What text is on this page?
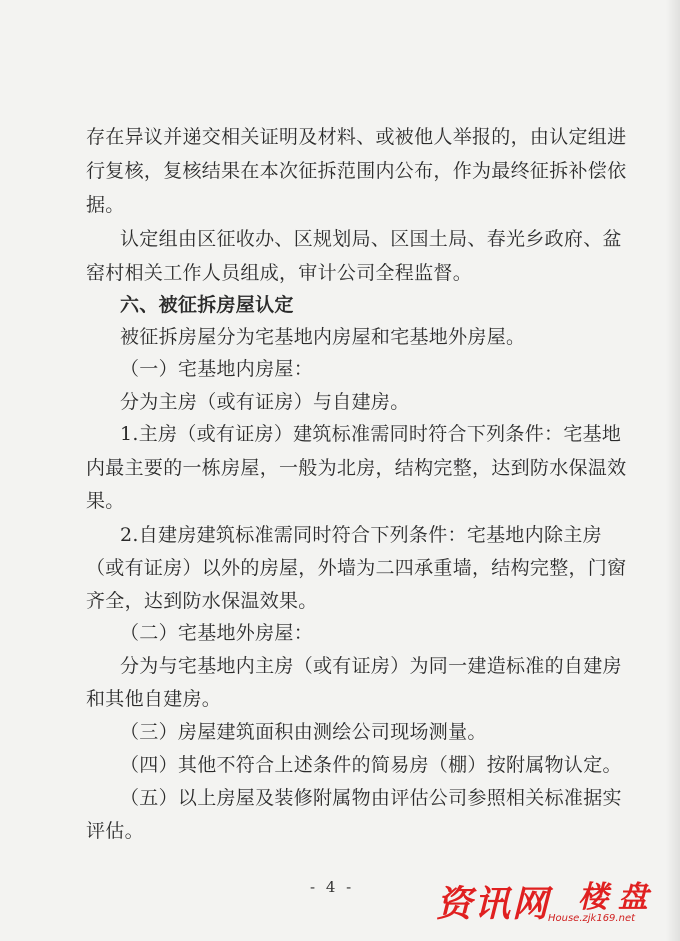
存在异议并递交相关证明及材料、或被他人举报的，由认定组进
行复核，复核结果在本次征拆范围内公布，作为最终征拆补偿依
据。
认定组由区征收办、区规划局、区国土局、春光乡政府、盆
窑村相关工作人员组成，审计公司全程监督。
六、被征拆房屋认定
被征拆房屋分为宅基地内房屋和宅基地外房屋。
（一）宅基地内房屋：
分为主房（或有证房）与自建房。
1.主房（或有证房）建筑标准需同时符合下列条件：宅基地
内最主要的一栋房屋，一般为北房，结构完整，达到防水保温效
果。
2.自建房建筑标准需同时符合下列条件：宅基地内除主房
（或有证房）以外的房屋，外墙为二四承重墙，结构完整，门窗
齐全，达到防水保温效果。
（二）宅基地外房屋：
分为与宅基地内主房（或有证房）为同一建造标准的自建房
和其他自建房。
（三）房屋建筑面积由测绘公司现场测量。
（四）其他不符合上述条件的简易房（棚）按附属物认定。
（五）以上房屋及装修附属物由评估公司参照相关标准据实
评估。
- 4 - 资讯网 楼盘
House.zjk169.net
